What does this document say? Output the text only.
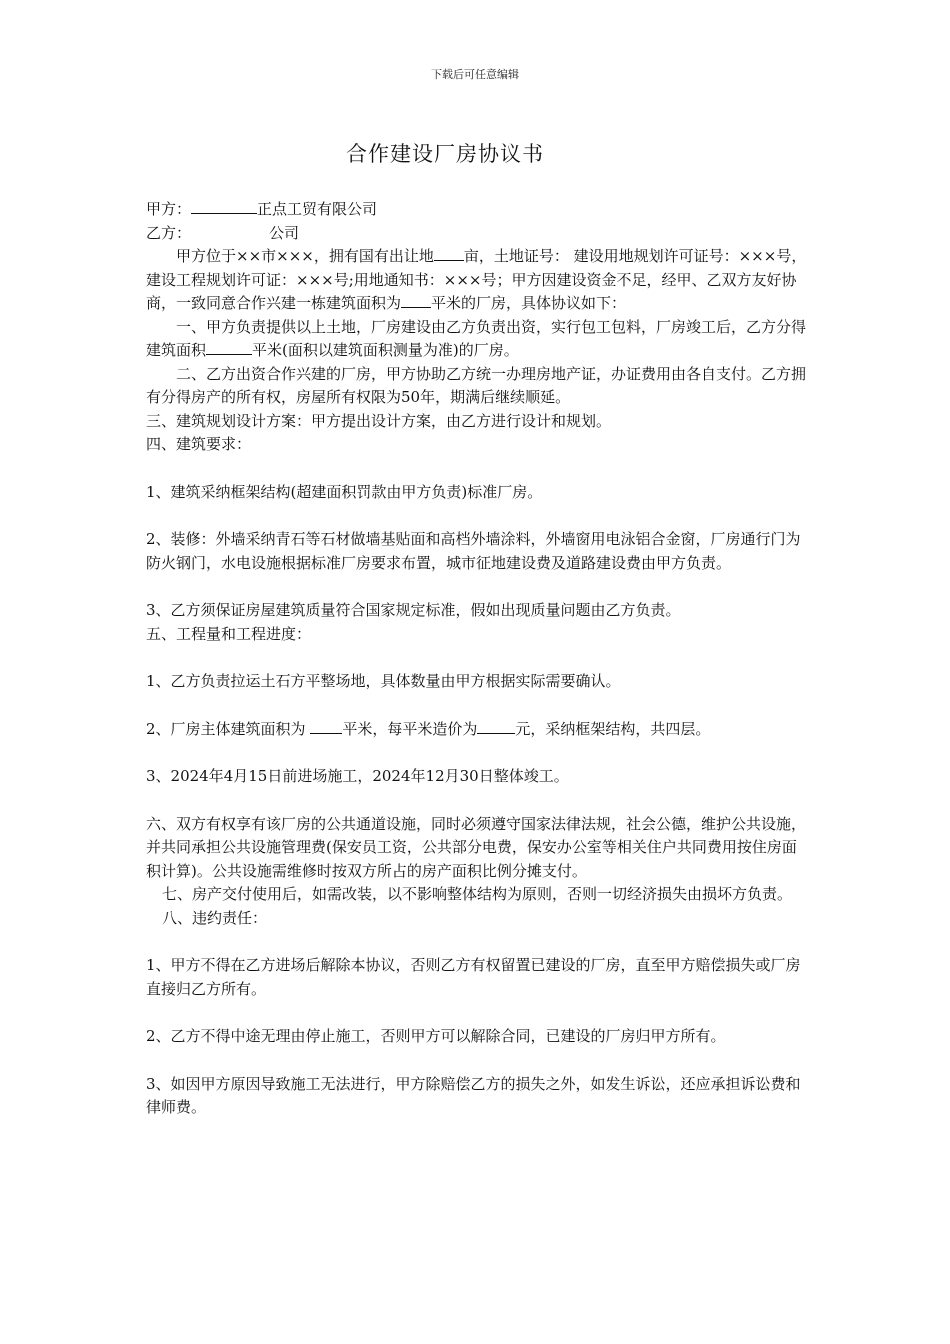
下载后可任意编辑
合作建设厂房协议书

甲方：	正点工贸有限公司

乙方：	公司

甲方位于××市×××，拥有国有出让地 亩，土地证号： 建设用地规划许可证号：×××号，建设工程规划许可证：×××号;用地通知书：×××号；甲方因建设资金不足，经甲、乙双方友好协商，一致同意合作兴建一栋建筑面积为 平米的厂房，具体协议如下：

一、甲方负责提供以上土地，厂房建设由乙方负责出资，实行包工包料，厂房竣工后，乙方分得建筑面积	平米(面积以建筑面积测量为准)的厂房。

二、乙方出资合作兴建的厂房，甲方协助乙方统一办理房地产证，办证费用由各自支付。乙方拥有分得房产的所有权，房屋所有权限为50年，期满后继续顺延。

三、建筑规划设计方案：甲方提出设计方案，由乙方进行设计和规划。

四、建筑要求：

1、建筑采纳框架结构(超建面积罚款由甲方负责)标准厂房。

2、装修：外墙采纳青石等石材做墙基贴面和高档外墙涂料，外墙窗用电泳铝合金窗，厂房通行门为防火钢门，水电设施根据标准厂房要求布置，城市征地建设费及道路建设费由甲方负责。

3、乙方须保证房屋建筑质量符合国家规定标准，假如出现质量问题由乙方负责。

五、工程量和工程进度：

1、乙方负责拉运土石方平整场地，具体数量由甲方根据实际需要确认。

2、厂房主体建筑面积为 平米，每平米造价为	元，采纳框架结构，共四层。

3、2024年4月15日前进场施工，2024年12月30日整体竣工。

六、双方有权享有该厂房的公共通道设施，同时必须遵守国家法律法规，社会公德，维护公共设施，并共同承担公共设施管理费(保安员工资，公共部分电费，保安办公室等相关住户共同费用按住房面积计算)。公共设施需维修时按双方所占的房产面积比例分摊支付。

七、房产交付使用后，如需改装，以不影响整体结构为原则，否则一切经济损失由损坏方负责。

八、违约责任：

1、甲方不得在乙方进场后解除本协议，否则乙方有权留置已建设的厂房，直至甲方赔偿损失或厂房直接归乙方所有。

2、乙方不得中途无理由停止施工，否则甲方可以解除合同，已建设的厂房归甲方所有。

3、如因甲方原因导致施工无法进行，甲方除赔偿乙方的损失之外，如发生诉讼，还应承担诉讼费和律师费。
